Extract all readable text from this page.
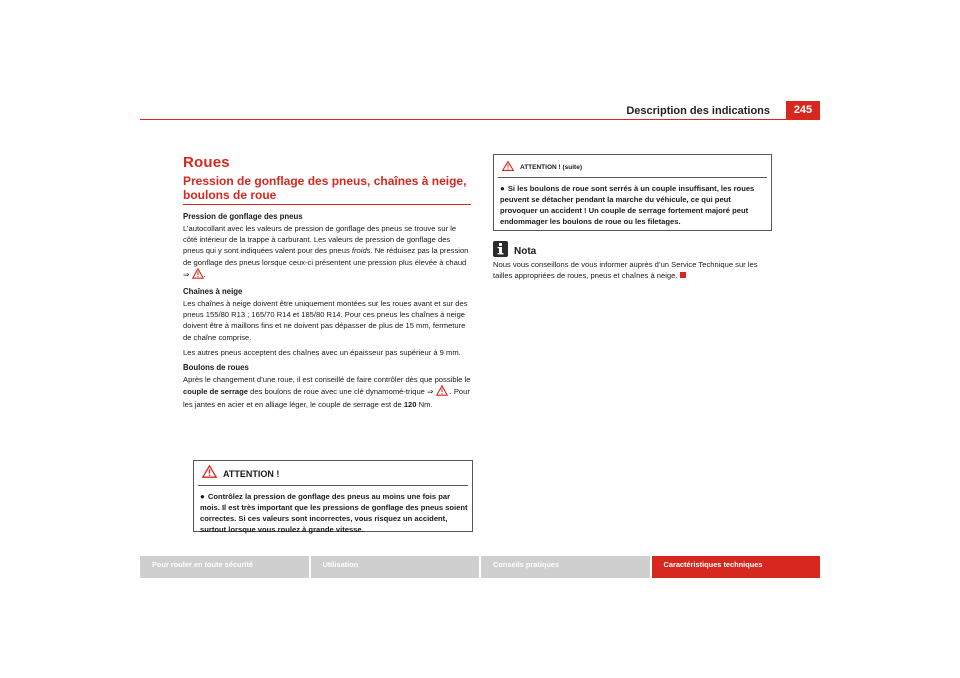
Description des indications	245
Roues
Pression de gonflage des pneus, chaînes à neige, boulons de roue
Pression de gonflage des pneus

L’autocollant avec les valeurs de pression de gonflage des pneus se trouve sur le côté intérieur de la trappe à carburant. Les valeurs de pression de gonflage des pneus qui y sont indiquées valent pour des pneus froids. Ne réduisez pas la pression de gonflage des pneus lorsque ceux-ci présentent une pression plus élevée à chaud ⇒ .

Chaînes à neige

Les chaînes à neige doivent être uniquement montées sur les roues avant et sur des pneus 155/80 R13 ; 165/70 R14 et 185/80 R14. Pour ces pneus les chaînes à neige doivent être à maillons fins et ne doivent pas dépasser de plus de 15 mm, fermeture de chaîne comprise.

Les autres pneus acceptent des chaînes avec un épaisseur pas supérieur à 9 mm.

Boulons de roues

Après le changement d’une roue, il est conseillé de faire contrôler dès que possible le couple de serrage des boulons de roue avec une clé dynamomé-trique ⇒ . Pour les jantes en acier et en alliage léger, le couple de serrage est de 120 Nm.

ATTENTION !
● Contrôlez la pression de gonflage des pneus au moins une fois par mois. Il est très important que les pressions de gonflage des pneus soient correctes. Si ces valeurs sont incorrectes, vous risquez un accident, surtout lorsque vous roulez à grande vitesse.
ATTENTION ! (suite)
● Si les boulons de roue sont serrés à un couple insuffisant, les roues peuvent se détacher pendant la marche du véhicule, ce qui peut provoquer un accident ! Un couple de serrage fortement majoré peut endommager les boulons de roue ou les filetages.
Nota

Nous vous conseillons de vous informer auprès d’un Service Technique sur les tailles appropriées de roues, pneus et chaînes à neige.

Pour rouler en toute sécurité	Utilisation	Conseils pratiques	Caractéristiques techniques
